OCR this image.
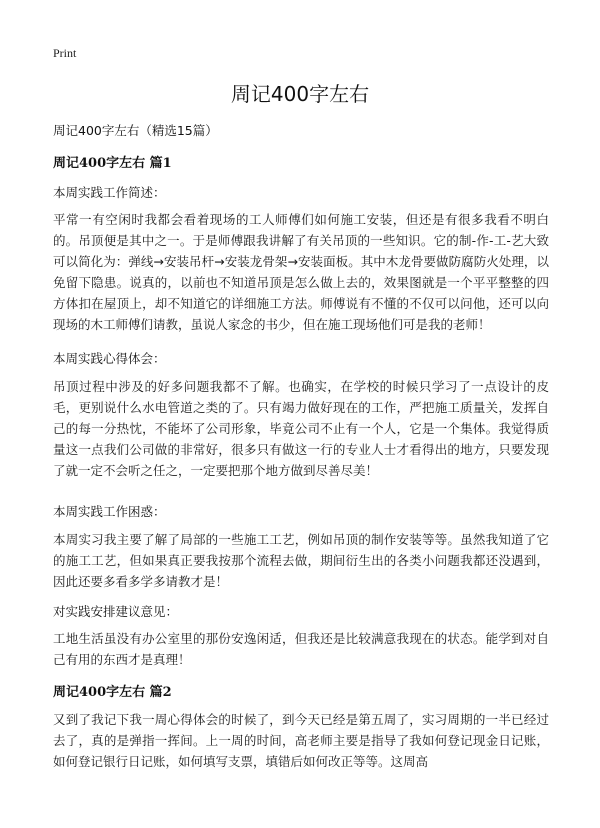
Print
周记400字左右

周记400字左右（精选15篇）

周记400字左右 篇1

本周实践工作简述：

平常一有空闲时我都会看着现场的工人师傅们如何施工安装，但还是有很多我看不明白的。吊顶便是其中之一。于是师傅跟我讲解了有关吊顶的一些知识。它的制-作-工-艺大致可以简化为：弹线→安装吊杆→安装龙骨架→安装面板。其中木龙骨要做防腐防火处理，以免留下隐患。说真的，以前也不知道吊顶是怎么做上去的，效果图就是一个平平整整的四方体扣在屋顶上，却不知道它的详细施工方法。师傅说有不懂的不仅可以问他，还可以向现场的木工师傅们请教，虽说人家念的书少，但在施工现场他们可是我的老师！

本周实践心得体会：

吊顶过程中涉及的好多问题我都不了解。也确实，在学校的时候只学习了一点设计的皮毛，更别说什么水电管道之类的了。只有竭力做好现在的工作，严把施工质量关，发挥自己的每一分热忱，不能坏了公司形象，毕竟公司不止有一个人，它是一个集体。我觉得质量这一点我们公司做的非常好，很多只有做这一行的专业人士才看得出的地方，只要发现了就一定不会听之任之，一定要把那个地方做到尽善尽美！

本周实践工作困惑：

本周实习我主要了解了局部的一些施工工艺，例如吊顶的制作安装等等。虽然我知道了它的施工工艺，但如果真正要我按那个流程去做，期间衍生出的各类小问题我都还没遇到，因此还要多看多学多请教才是！

对实践安排建议意见：

工地生活虽没有办公室里的那份安逸闲适，但我还是比较满意我现在的状态。能学到对自己有用的东西才是真理！

周记400字左右 篇2

又到了我记下我一周心得体会的时候了，到今天已经是第五周了，实习周期的一半已经过去了，真的是弹指一挥间。上一周的时间，高老师主要是指导了我如何登记现金日记账，如何登记银行日记账，如何填写支票，填错后如何改正等等。这周高
